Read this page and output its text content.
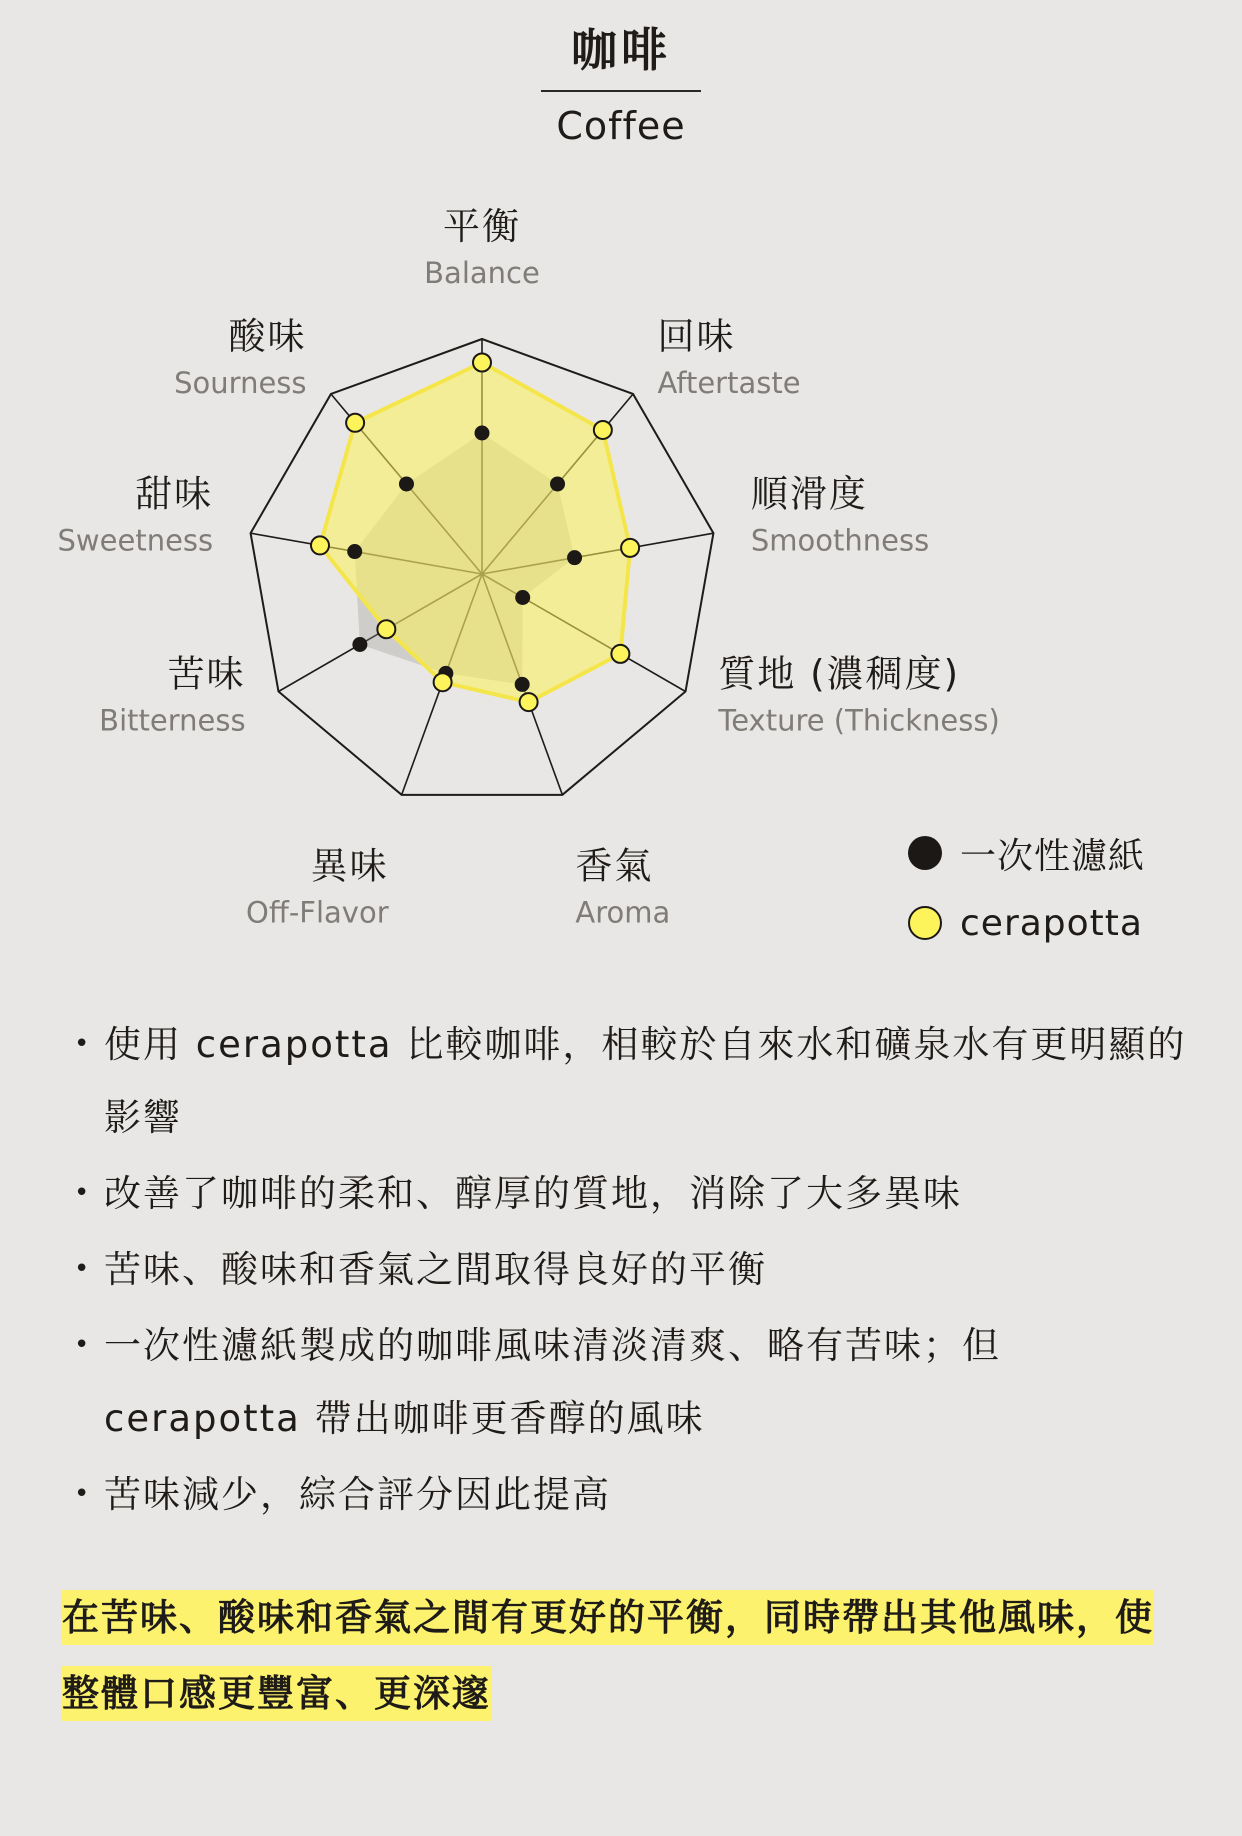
咖啡
Coffee
平衡
Balance
回味
Aftertaste
順滑度
Smoothness
質地 (濃稠度)
Texture (Thickness)
香氣
Aroma
異味
Off-Flavor
苦味
Bitterness
甜味
Sweetness
酸味
Sourness
一次性濾紙
cerapotta
• 使用 cerapotta 比較咖啡，相較於自來水和礦泉水有更明顯的影響
• 改善了咖啡的柔和、醇厚的質地，消除了大多異味
• 苦味、酸味和香氣之間取得良好的平衡
• 一次性濾紙製成的咖啡風味清淡清爽、略有苦味；但 cerapotta 帶出咖啡更香醇的風味
• 苦味減少，綜合評分因此提高

在苦味、酸味和香氣之間有更好的平衡，同時帶出其他風味，使整體口感更豐富、更深邃
